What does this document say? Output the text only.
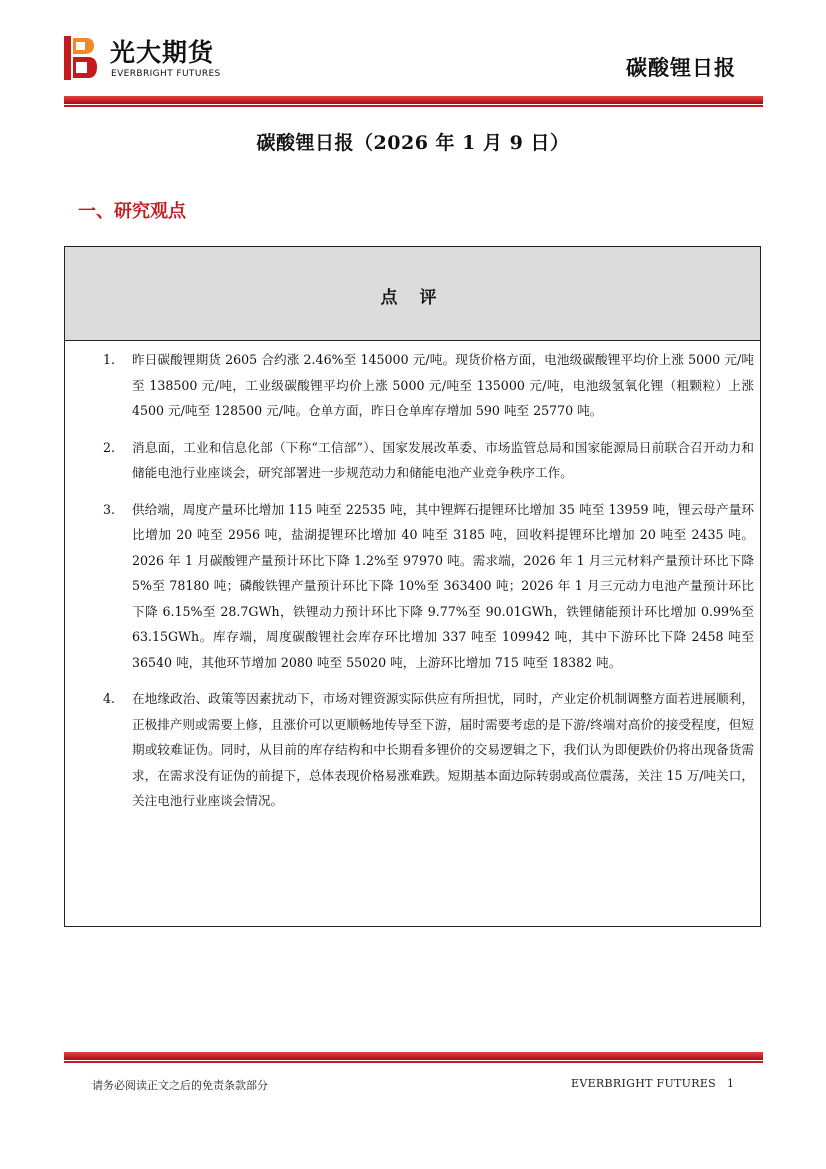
光大期货
EVERBRIGHT FUTURES	碳酸锂日报
碳酸锂日报（2026 年 1 月 9 日）
一、研究观点
点 评
1. 昨日碳酸锂期货 2605 合约涨 2.46%至 145000 元/吨。现货价格方面，电池级碳酸锂平均价上涨 5000 元/吨至 138500 元/吨，工业级碳酸锂平均价上涨 5000 元/吨至 135000 元/吨，电池级氢氧化锂（粗颗粒）上涨 4500 元/吨至 128500 元/吨。仓单方面，昨日仓单库存增加 590 吨至 25770 吨。
2. 消息面，工业和信息化部（下称“工信部”）、国家发展改革委、市场监管总局和国家能源局日前联合召开动力和储能电池行业座谈会，研究部署进一步规范动力和储能电池产业竞争秩序工作。
3. 供给端，周度产量环比增加 115 吨至 22535 吨，其中锂辉石提锂环比增加 35 吨至 13959 吨，锂云母产量环比增加 20 吨至 2956 吨，盐湖提锂环比增加 40 吨至 3185 吨，回收料提锂环比增加 20 吨至 2435 吨。2026 年 1 月碳酸锂产量预计环比下降 1.2%至 97970 吨。需求端，2026 年 1 月三元材料产量预计环比下降 5%至 78180 吨；磷酸铁锂产量预计环比下降 10%至 363400 吨；2026 年 1 月三元动力电池产量预计环比下降 6.15%至 28.7GWh，铁锂动力预计环比下降 9.77%至 90.01GWh，铁锂储能预计环比增加 0.99%至 63.15GWh。库存端，周度碳酸锂社会库存环比增加 337 吨至 109942 吨，其中下游环比下降 2458 吨至 36540 吨，其他环节增加 2080 吨至 55020 吨，上游环比增加 715 吨至 18382 吨。
4. 在地缘政治、政策等因素扰动下，市场对锂资源实际供应有所担忧，同时，产业定价机制调整方面若进展顺利，正极排产则或需要上修，且涨价可以更顺畅地传导至下游，届时需要考虑的是下游/终端对高价的接受程度，但短期或较难证伪。同时，从目前的库存结构和中长期看多锂价的交易逻辑之下，我们认为即便跌价仍将出现备货需求，在需求没有证伪的前提下，总体表现价格易涨难跌。短期基本面边际转弱或高位震荡，关注 15 万/吨关口，关注电池行业座谈会情况。
请务必阅读正文之后的免责条款部分	EVERBRIGHT FUTURES 1
